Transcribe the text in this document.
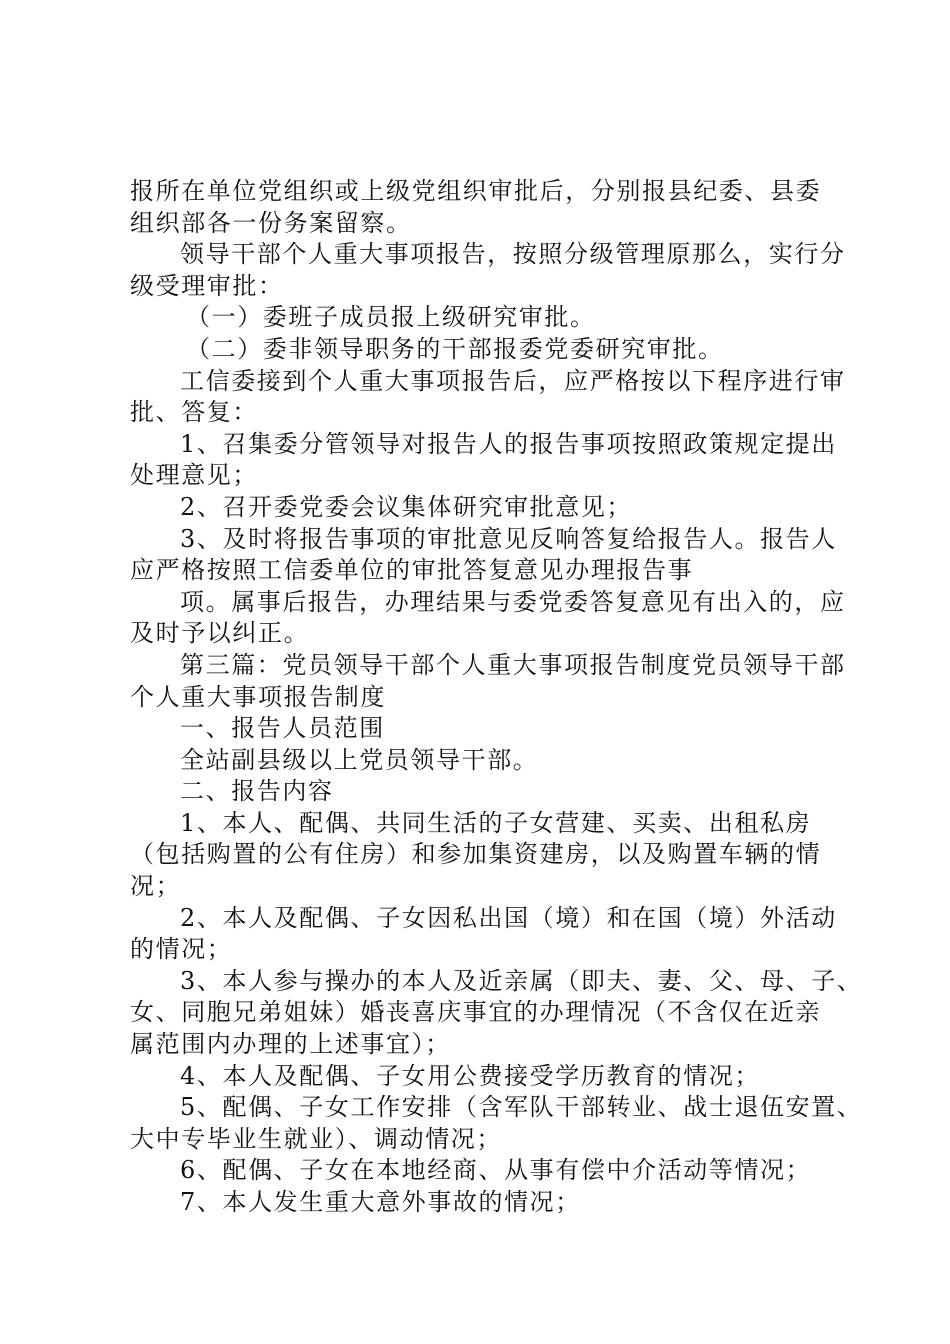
报所在单位党组织或上级党组织审批后，分别报县纪委、县委
组织部各一份务案留察。
领导干部个人重大事项报告，按照分级管理原那么，实行分
级受理审批：
（一）委班子成员报上级研究审批。
（二）委非领导职务的干部报委党委研究审批。
工信委接到个人重大事项报告后，应严格按以下程序进行审
批、答复：
1、召集委分管领导对报告人的报告事项按照政策规定提出
处理意见；
2、召开委党委会议集体研究审批意见；
3、及时将报告事项的审批意见反响答复给报告人。报告人
应严格按照工信委单位的审批答复意见办理报告事
项。属事后报告，办理结果与委党委答复意见有出入的，应
及时予以纠正。
第三篇：党员领导干部个人重大事项报告制度党员领导干部
个人重大事项报告制度
一、报告人员范围
全站副县级以上党员领导干部。
二、报告内容
1、本人、配偶、共同生活的子女营建、买卖、出租私房
（包括购置的公有住房）和参加集资建房，以及购置车辆的情
况；
2、本人及配偶、子女因私出国（境）和在国（境）外活动
的情况；
3、本人参与操办的本人及近亲属（即夫、妻、父、母、子、
女、同胞兄弟姐妹）婚丧喜庆事宜的办理情况（不含仅在近亲
属范围内办理的上述事宜）；
4、本人及配偶、子女用公费接受学历教育的情况；
5、配偶、子女工作安排（含军队干部转业、战士退伍安置、
大中专毕业生就业）、调动情况；
6、配偶、子女在本地经商、从事有偿中介活动等情况；
7、本人发生重大意外事故的情况；
